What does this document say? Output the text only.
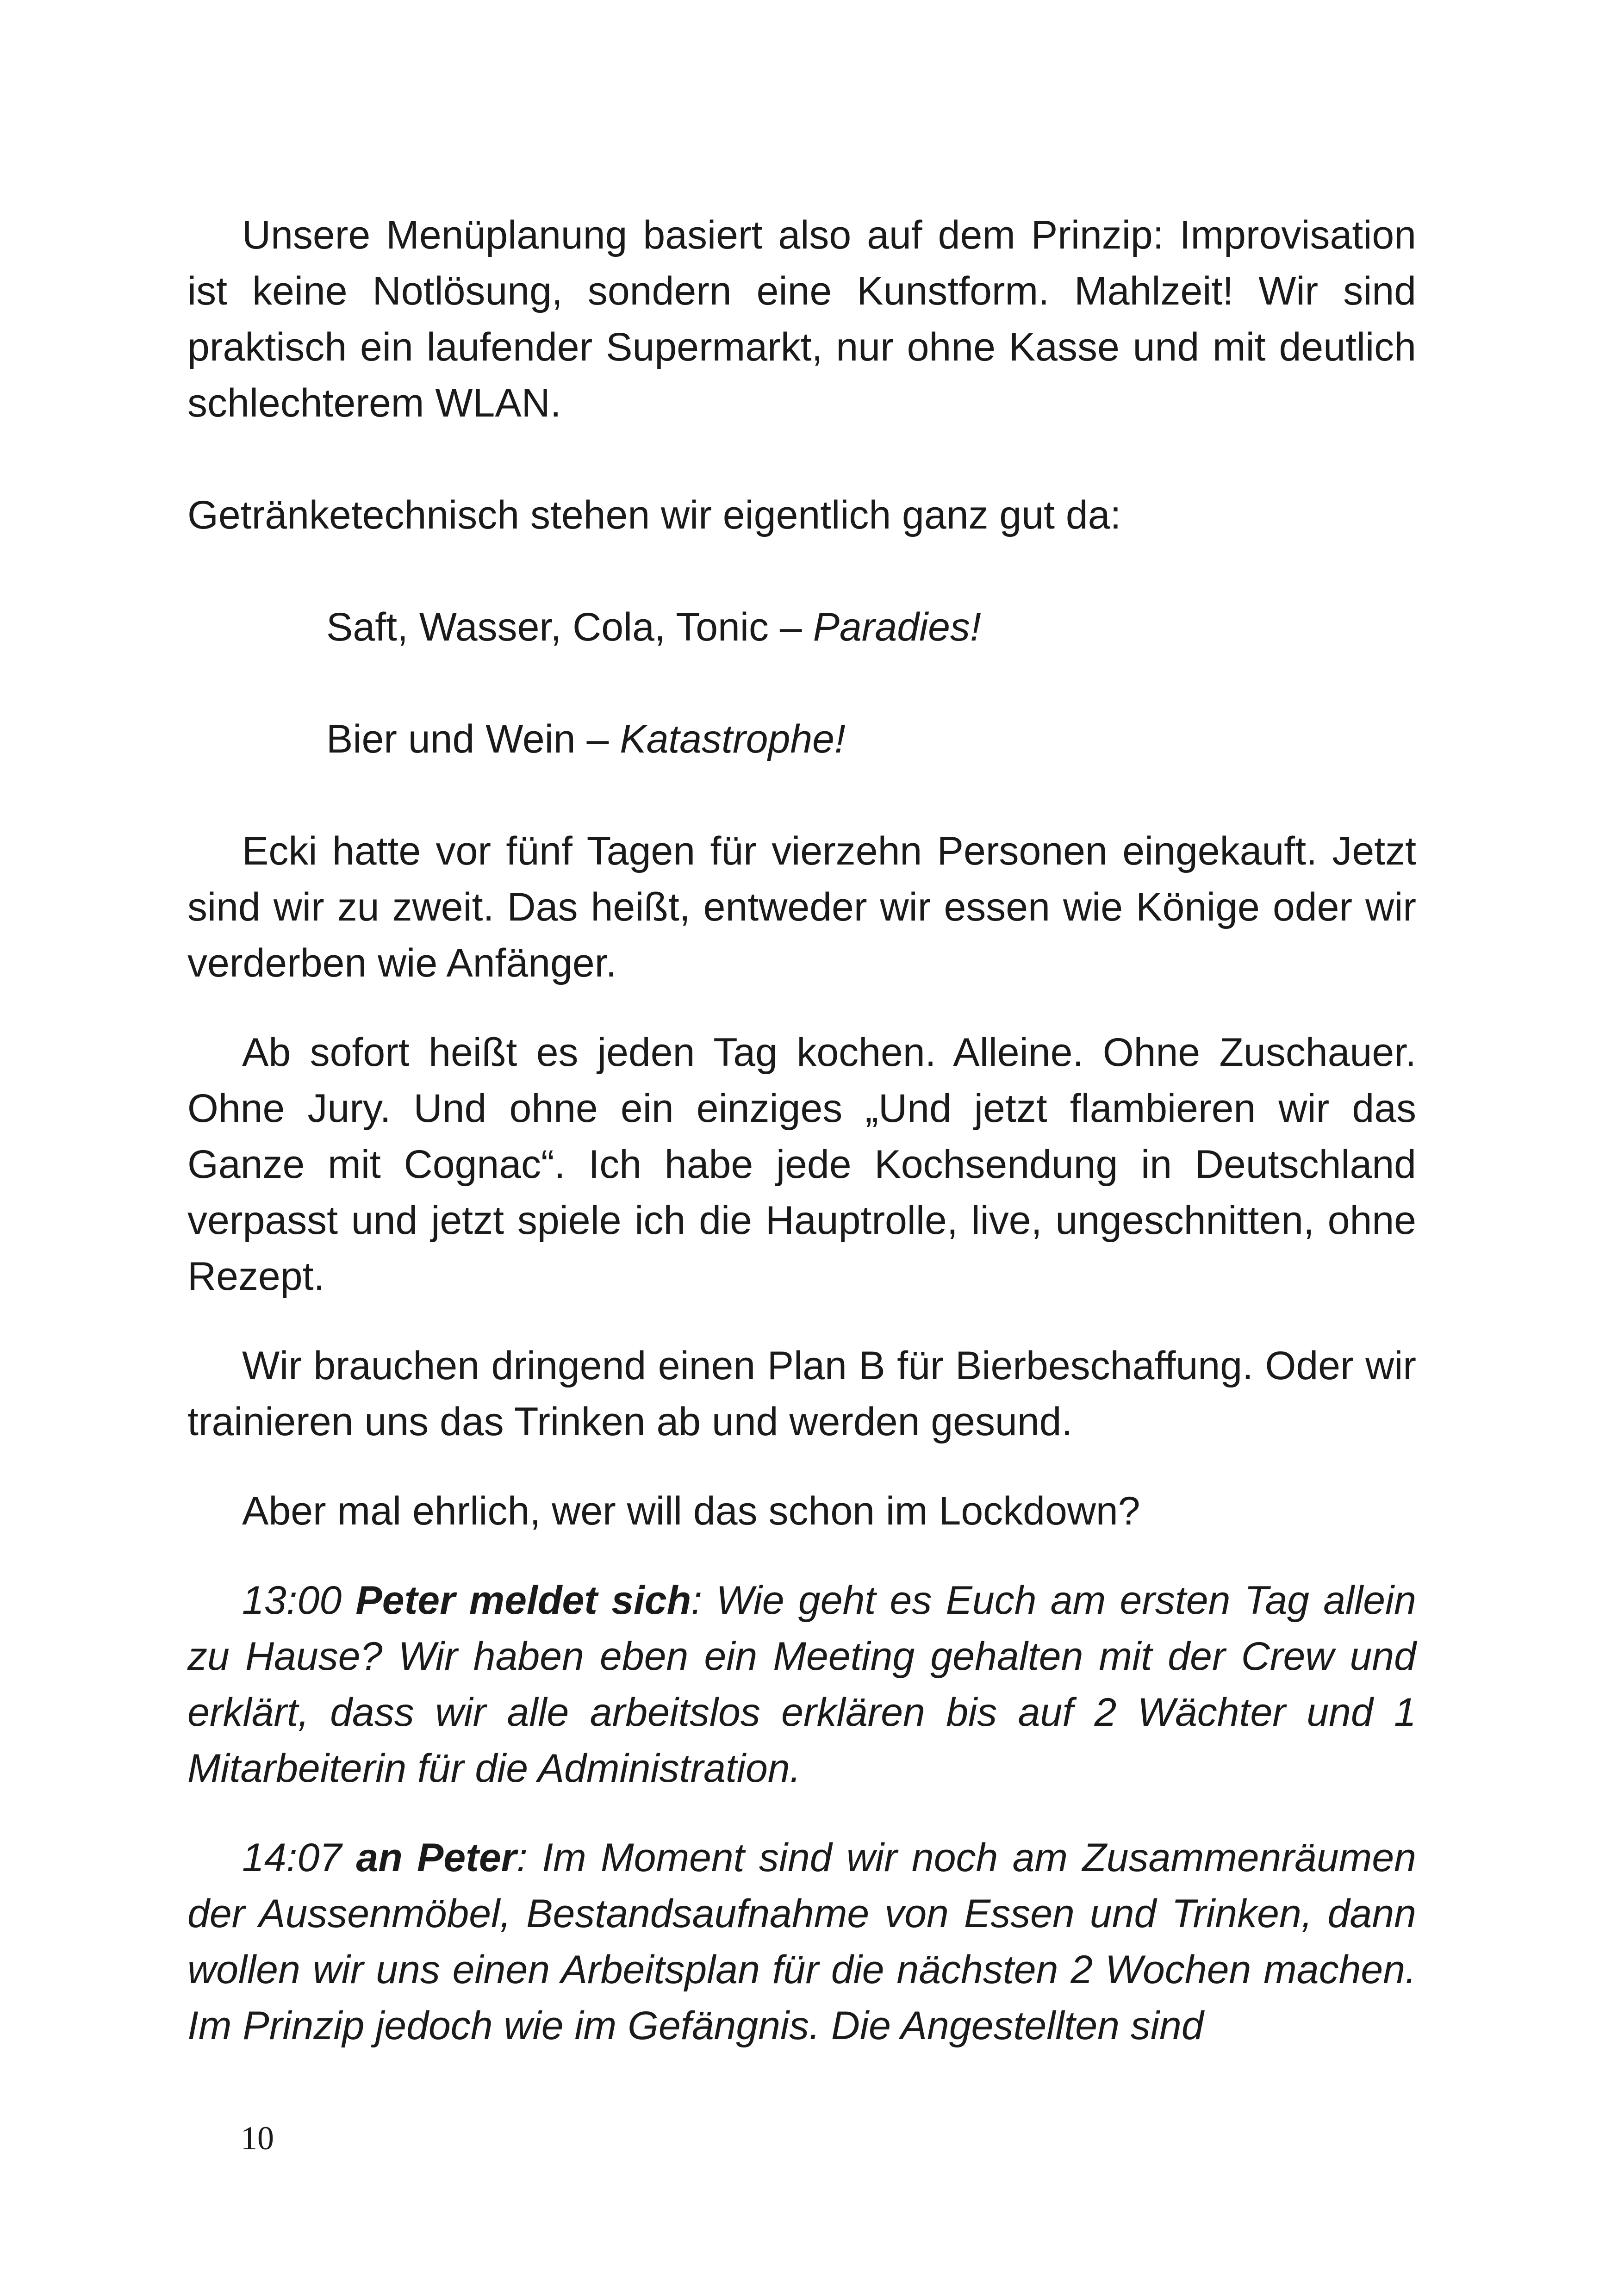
Unsere Menüplanung basiert also auf dem Prinzip: Improvisation ist keine Notlösung, sondern eine Kunstform. Mahlzeit! Wir sind praktisch ein laufender Supermarkt, nur ohne Kasse und mit deutlich schlechterem WLAN.

Getränketechnisch stehen wir eigentlich ganz gut da:

Saft, Wasser, Cola, Tonic – Paradies!

Bier und Wein – Katastrophe!

Ecki hatte vor fünf Tagen für vierzehn Personen eingekauft. Jetzt sind wir zu zweit. Das heißt, entweder wir essen wie Könige oder wir verderben wie Anfänger.

Ab sofort heißt es jeden Tag kochen. Alleine. Ohne Zuschauer. Ohne Jury. Und ohne ein einziges „Und jetzt flambieren wir das Ganze mit Cognac“. Ich habe jede Kochsendung in Deutschland verpasst und jetzt spiele ich die Hauptrolle, live, ungeschnitten, ohne Rezept.

Wir brauchen dringend einen Plan B für Bierbeschaffung. Oder wir trainieren uns das Trinken ab und werden gesund.

Aber mal ehrlich, wer will das schon im Lockdown?

13:00 Peter meldet sich: Wie geht es Euch am ersten Tag allein zu Hause? Wir haben eben ein Meeting gehalten mit der Crew und erklärt, dass wir alle arbeitslos erklären bis auf 2 Wächter und 1 Mitarbeiterin für die Administration.

14:07 an Peter: Im Moment sind wir noch am Zusammenräumen der Aussenmöbel, Bestandsaufnahme von Essen und Trinken, dann wollen wir uns einen Arbeitsplan für die nächsten 2 Wochen machen. Im Prinzip jedoch wie im Gefängnis. Die Angestellten sind

10
